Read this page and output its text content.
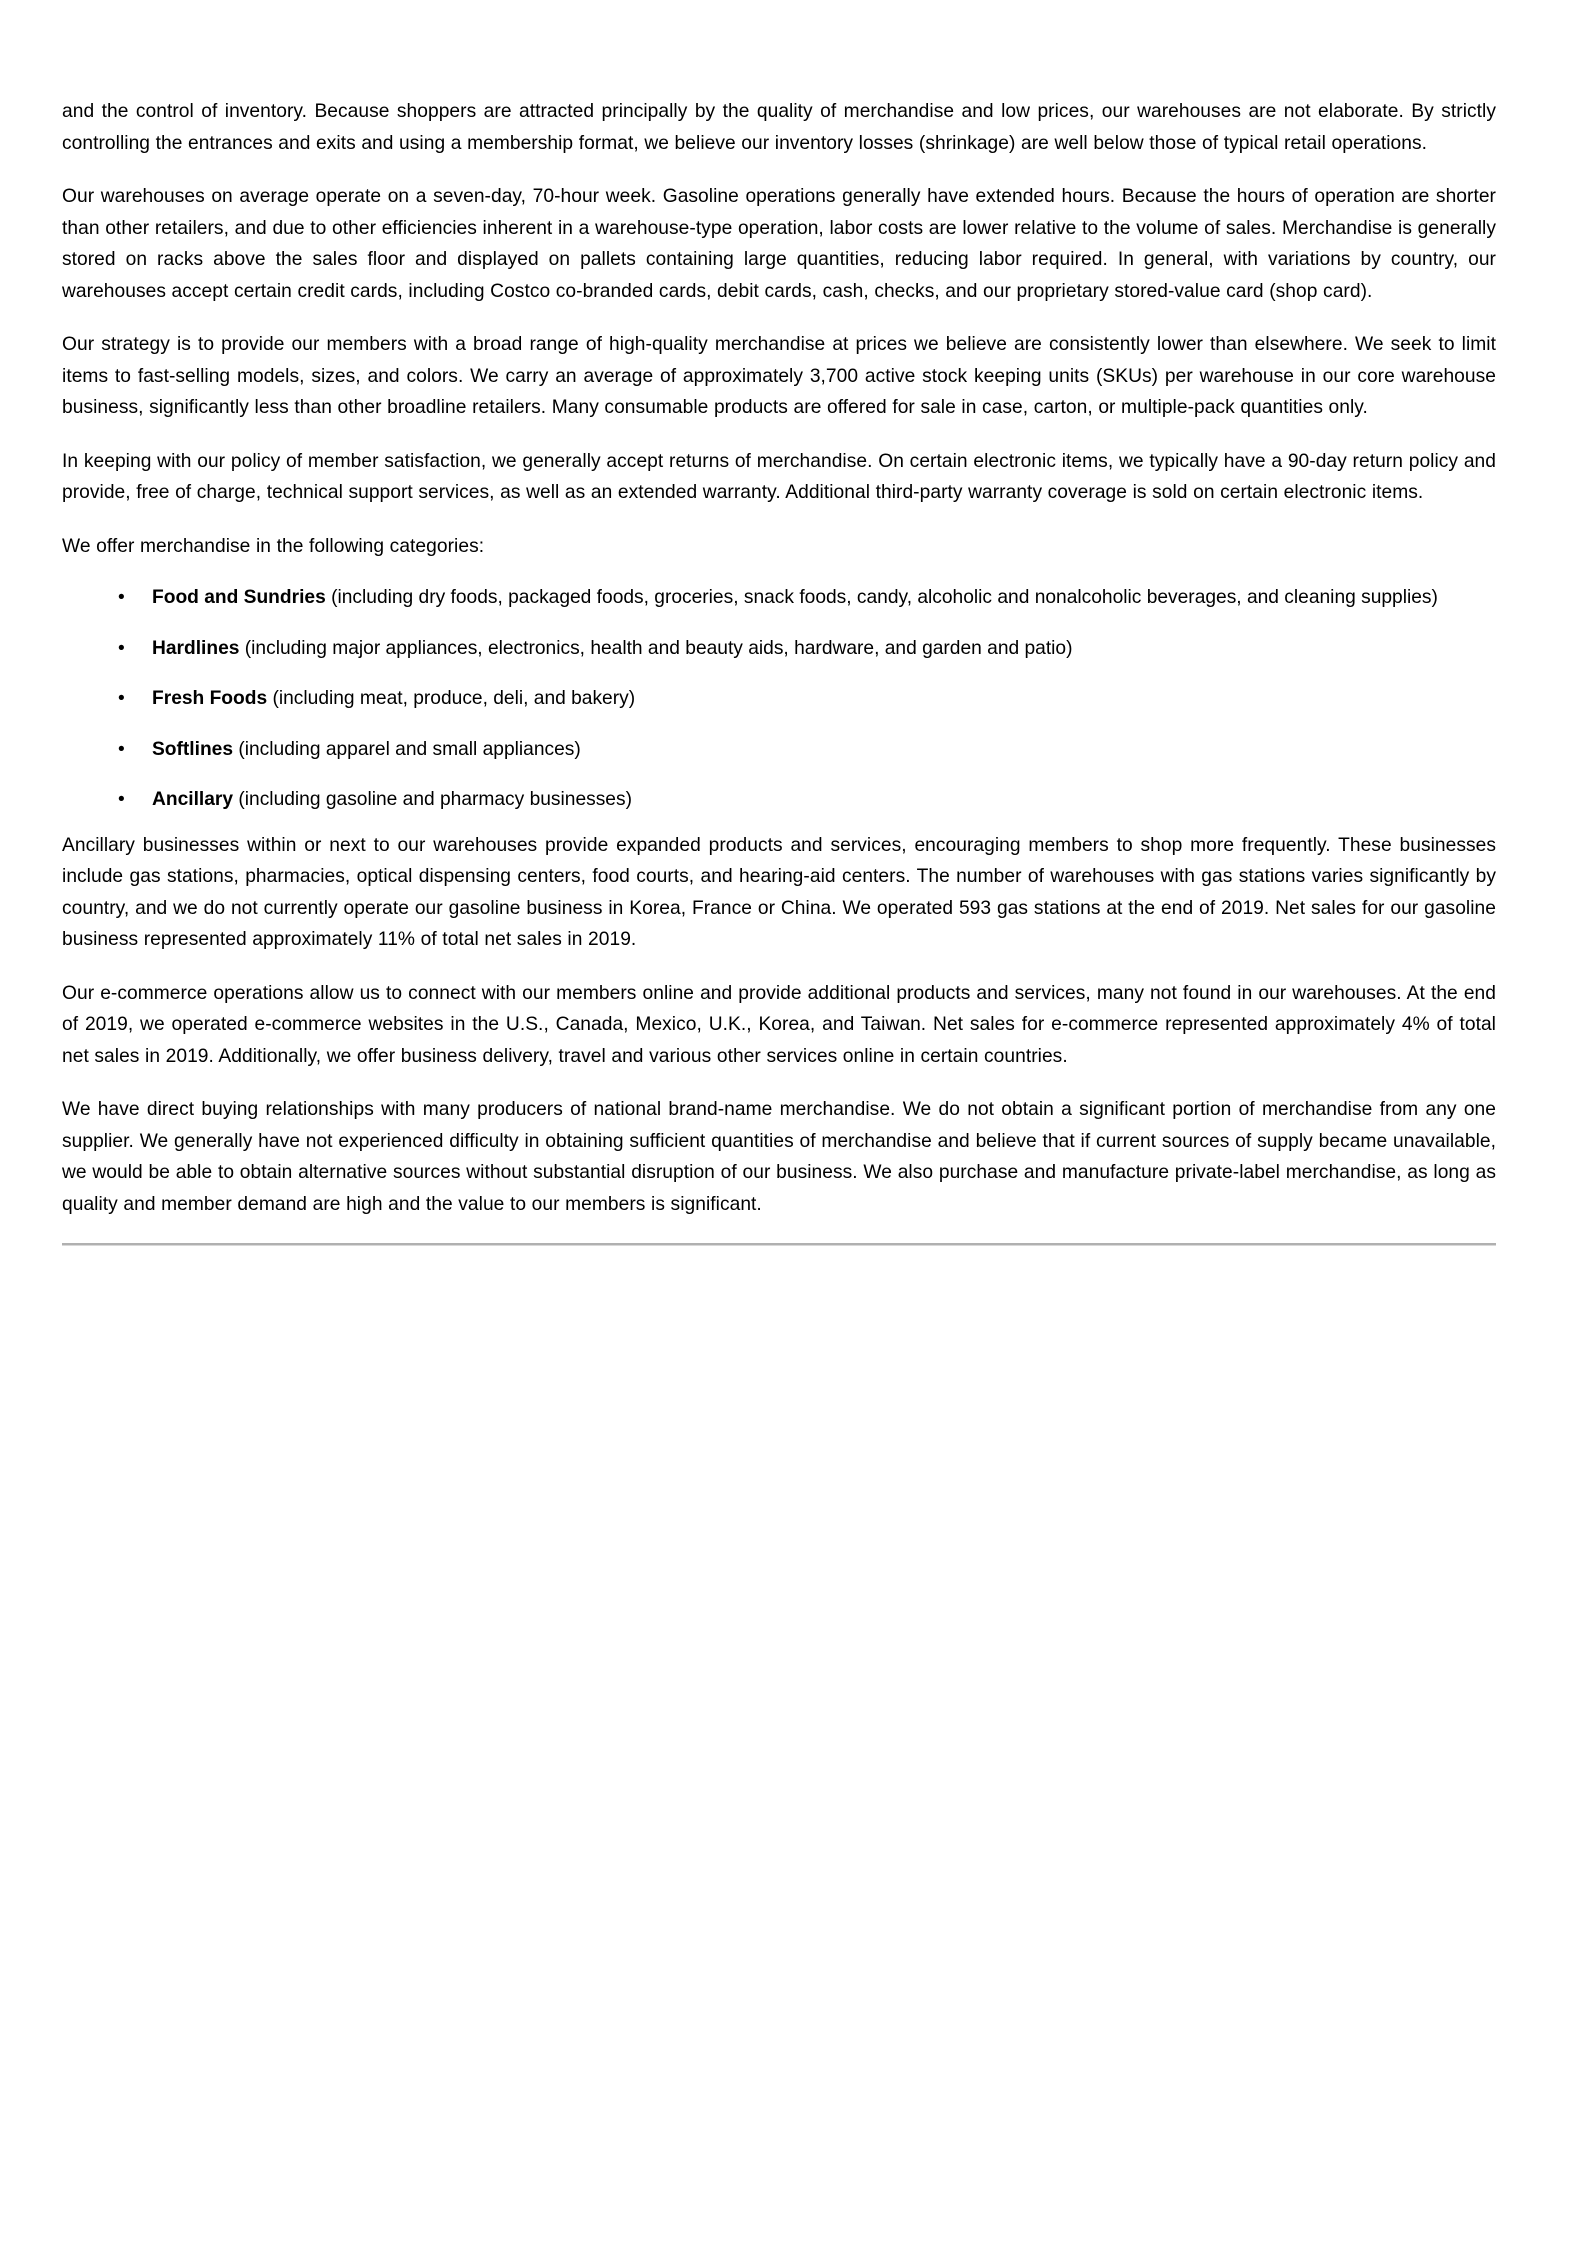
and the control of inventory. Because shoppers are attracted principally by the quality of merchandise and low prices, our warehouses are not elaborate. By strictly controlling the entrances and exits and using a membership format, we believe our inventory losses (shrinkage) are well below those of typical retail operations.

Our warehouses on average operate on a seven-day, 70-hour week. Gasoline operations generally have extended hours. Because the hours of operation are shorter than other retailers, and due to other efficiencies inherent in a warehouse-type operation, labor costs are lower relative to the volume of sales. Merchandise is generally stored on racks above the sales floor and displayed on pallets containing large quantities, reducing labor required. In general, with variations by country, our warehouses accept certain credit cards, including Costco co-branded cards, debit cards, cash, checks, and our proprietary stored-value card (shop card).

Our strategy is to provide our members with a broad range of high-quality merchandise at prices we believe are consistently lower than elsewhere. We seek to limit items to fast-selling models, sizes, and colors. We carry an average of approximately 3,700 active stock keeping units (SKUs) per warehouse in our core warehouse business, significantly less than other broadline retailers. Many consumable products are offered for sale in case, carton, or multiple-pack quantities only.

In keeping with our policy of member satisfaction, we generally accept returns of merchandise. On certain electronic items, we typically have a 90-day return policy and provide, free of charge, technical support services, as well as an extended warranty. Additional third-party warranty coverage is sold on certain electronic items.

We offer merchandise in the following categories:

• Food and Sundries (including dry foods, packaged foods, groceries, snack foods, candy, alcoholic and nonalcoholic beverages, and cleaning supplies)
• Hardlines (including major appliances, electronics, health and beauty aids, hardware, and garden and patio)
• Fresh Foods (including meat, produce, deli, and bakery)
• Softlines (including apparel and small appliances)
• Ancillary (including gasoline and pharmacy businesses)

Ancillary businesses within or next to our warehouses provide expanded products and services, encouraging members to shop more frequently. These businesses include gas stations, pharmacies, optical dispensing centers, food courts, and hearing-aid centers. The number of warehouses with gas stations varies significantly by country, and we do not currently operate our gasoline business in Korea, France or China. We operated 593 gas stations at the end of 2019. Net sales for our gasoline business represented approximately 11% of total net sales in 2019.

Our e-commerce operations allow us to connect with our members online and provide additional products and services, many not found in our warehouses. At the end of 2019, we operated e-commerce websites in the U.S., Canada, Mexico, U.K., Korea, and Taiwan. Net sales for e-commerce represented approximately 4% of total net sales in 2019. Additionally, we offer business delivery, travel and various other services online in certain countries.

We have direct buying relationships with many producers of national brand-name merchandise. We do not obtain a significant portion of merchandise from any one supplier. We generally have not experienced difficulty in obtaining sufficient quantities of merchandise and believe that if current sources of supply became unavailable, we would be able to obtain alternative sources without substantial disruption of our business. We also purchase and manufacture private-label merchandise, as long as quality and member demand are high and the value to our members is significant.
